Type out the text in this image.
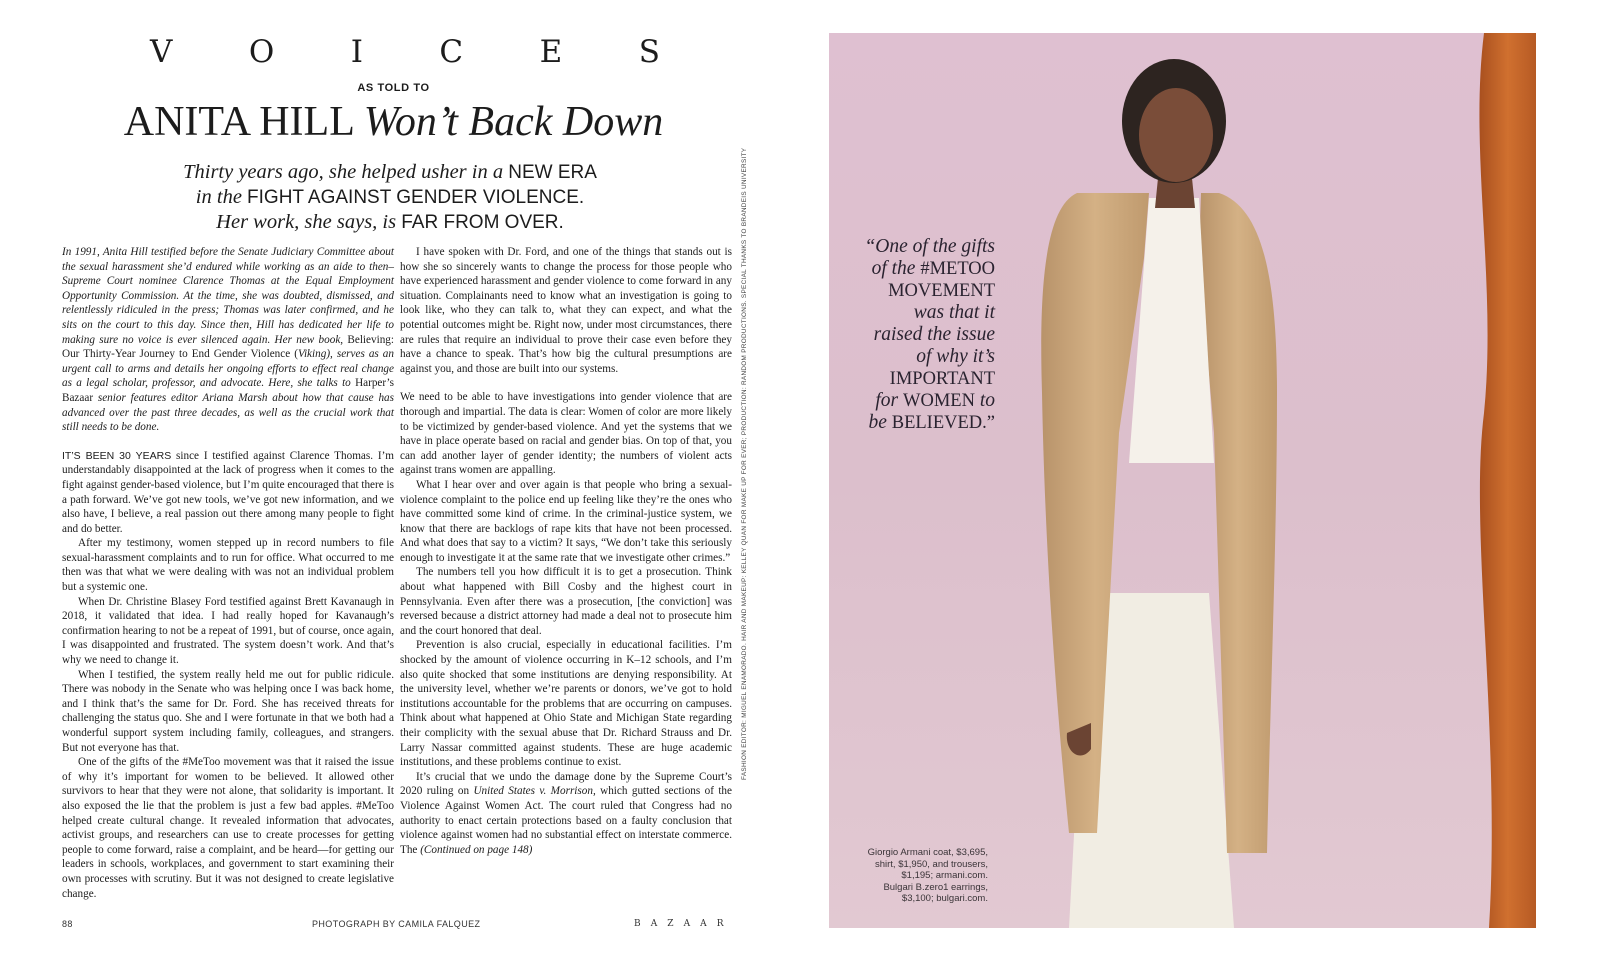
V O I C E S
AS TOLD TO
ANITA HILL Won’t Back Down
Thirty years ago, she helped usher in a NEW ERA
in the FIGHT AGAINST GENDER VIOLENCE.
Her work, she says, is FAR FROM OVER.

In 1991, Anita Hill testified before the Senate Judiciary Committee about the sexual harassment she’d endured while working as an aide to then–Supreme Court nominee Clarence Thomas at the Equal Employment Opportunity Commission. At the time, she was doubted, dismissed, and relentlessly ridiculed in the press; Thomas was later confirmed, and he sits on the court to this day. Since then, Hill has dedicated her life to making sure no voice is ever silenced again. Her new book, Believing: Our Thirty-Year Journey to End Gender Violence (Viking), serves as an urgent call to arms and details her ongoing efforts to effect real change as a legal scholar, professor, and advocate. Here, she talks to Harper’s Bazaar senior features editor Ariana Marsh about how that cause has advanced over the past three decades, as well as the crucial work that still needs to be done.

IT’S BEEN 30 YEARS since I testified against Clarence Thomas. I’m understandably disappointed at the lack of progress when it comes to the fight against gender-based violence, but I’m quite encouraged that there is a path forward. We’ve got new tools, we’ve got new information, and we also have, I believe, a real passion out there among many people to fight and do better.

After my testimony, women stepped up in record numbers to file sexual-harassment complaints and to run for office. What occurred to me then was that what we were dealing with was not an individual problem but a systemic one.

When Dr. Christine Blasey Ford testified against Brett Kavanaugh in 2018, it validated that idea. I had really hoped for Kavanaugh’s confirmation hearing to not be a repeat of 1991, but of course, once again, I was disappointed and frustrated. The system doesn’t work. And that’s why we need to change it.

When I testified, the system really held me out for public ridicule. There was nobody in the Senate who was helping once I was back home, and I think that’s the same for Dr. Ford. She has received threats for challenging the status quo. She and I were fortunate in that we both had a wonderful support system including family, colleagues, and strangers. But not everyone has that.

One of the gifts of the #MeToo movement was that it raised the issue of why it’s important for women to be believed. It allowed other survivors to hear that they were not alone, that solidarity is important. It also exposed the lie that the problem is just a few bad apples. #MeToo helped create cultural change. It revealed information that advocates, activist groups, and researchers can use to create processes for getting people to come forward, raise a complaint, and be heard—for getting our leaders in schools, workplaces, and government to start examining their own processes with scrutiny. But it was not designed to create legislative change.

I have spoken with Dr. Ford, and one of the things that stands out is how she so sincerely wants to change the process for those people who have experienced harassment and gender violence to come forward in any situation. Complainants need to know what an investigation is going to look like, who they can talk to, what they can expect, and what the potential outcomes might be. Right now, under most circumstances, there are rules that require an individual to prove their case even before they have a chance to speak. That’s how big the cultural presumptions are against you, and those are built into our systems.

We need to be able to have investigations into gender violence that are thorough and impartial. The data is clear: Women of color are more likely to be victimized by gender-based violence. And yet the systems that we have in place operate based on racial and gender bias. On top of that, you can add another layer of gender identity; the numbers of violent acts against trans women are appalling.

What I hear over and over again is that people who bring a sexual-violence complaint to the police end up feeling like they’re the ones who have committed some kind of crime. In the criminal-justice system, we know that there are backlogs of rape kits that have not been processed. And what does that say to a victim? It says, “We don’t take this seriously enough to investigate it at the same rate that we investigate other crimes.”

The numbers tell you how difficult it is to get a prosecution. Think about what happened with Bill Cosby and the highest court in Pennsylvania. Even after there was a prosecution, [the conviction] was reversed because a district attorney had made a deal not to prosecute him and the court honored that deal.

Prevention is also crucial, especially in educational facilities. I’m shocked by the amount of violence occurring in K–12 schools, and I’m also quite shocked that some institutions are denying responsibility. At the university level, whether we’re parents or donors, we’ve got to hold institutions accountable for the problems that are occurring on campuses. Think about what happened at Ohio State and Michigan State regarding their complicity with the sexual abuse that Dr. Richard Strauss and Dr. Larry Nassar committed against students. These are huge academic institutions, and these problems continue to exist.

It’s crucial that we undo the damage done by the Supreme Court’s 2020 ruling on United States v. Morrison, which gutted sections of the Violence Against Women Act. The court ruled that Congress had no authority to enact certain protections based on a faulty conclusion that violence against women had no substantial effect on interstate commerce. The (Continued on page 148)

88	PHOTOGRAPH BY CAMILA FALQUEZ	B A Z A A R
FASHION EDITOR: MIGUEL ENAMORADO. HAIR AND MAKEUP: KELLEY QUAN FOR MAKE UP FOR EVER; PRODUCTION: RANDOM PRODUCTIONS. SPECIAL THANKS TO BRANDEIS UNIVERSITY	“One of the gifts
of the #METOO
MOVEMENT
was that it
raised the issue
of why it’s
IMPORTANT
for WOMEN to
be BELIEVED.”
Giorgio Armani coat, $3,695,
shirt, $1,950, and trousers,
$1,195; armani.com.
Bulgari B.zero1 earrings,
$3,100; bulgari.com.
